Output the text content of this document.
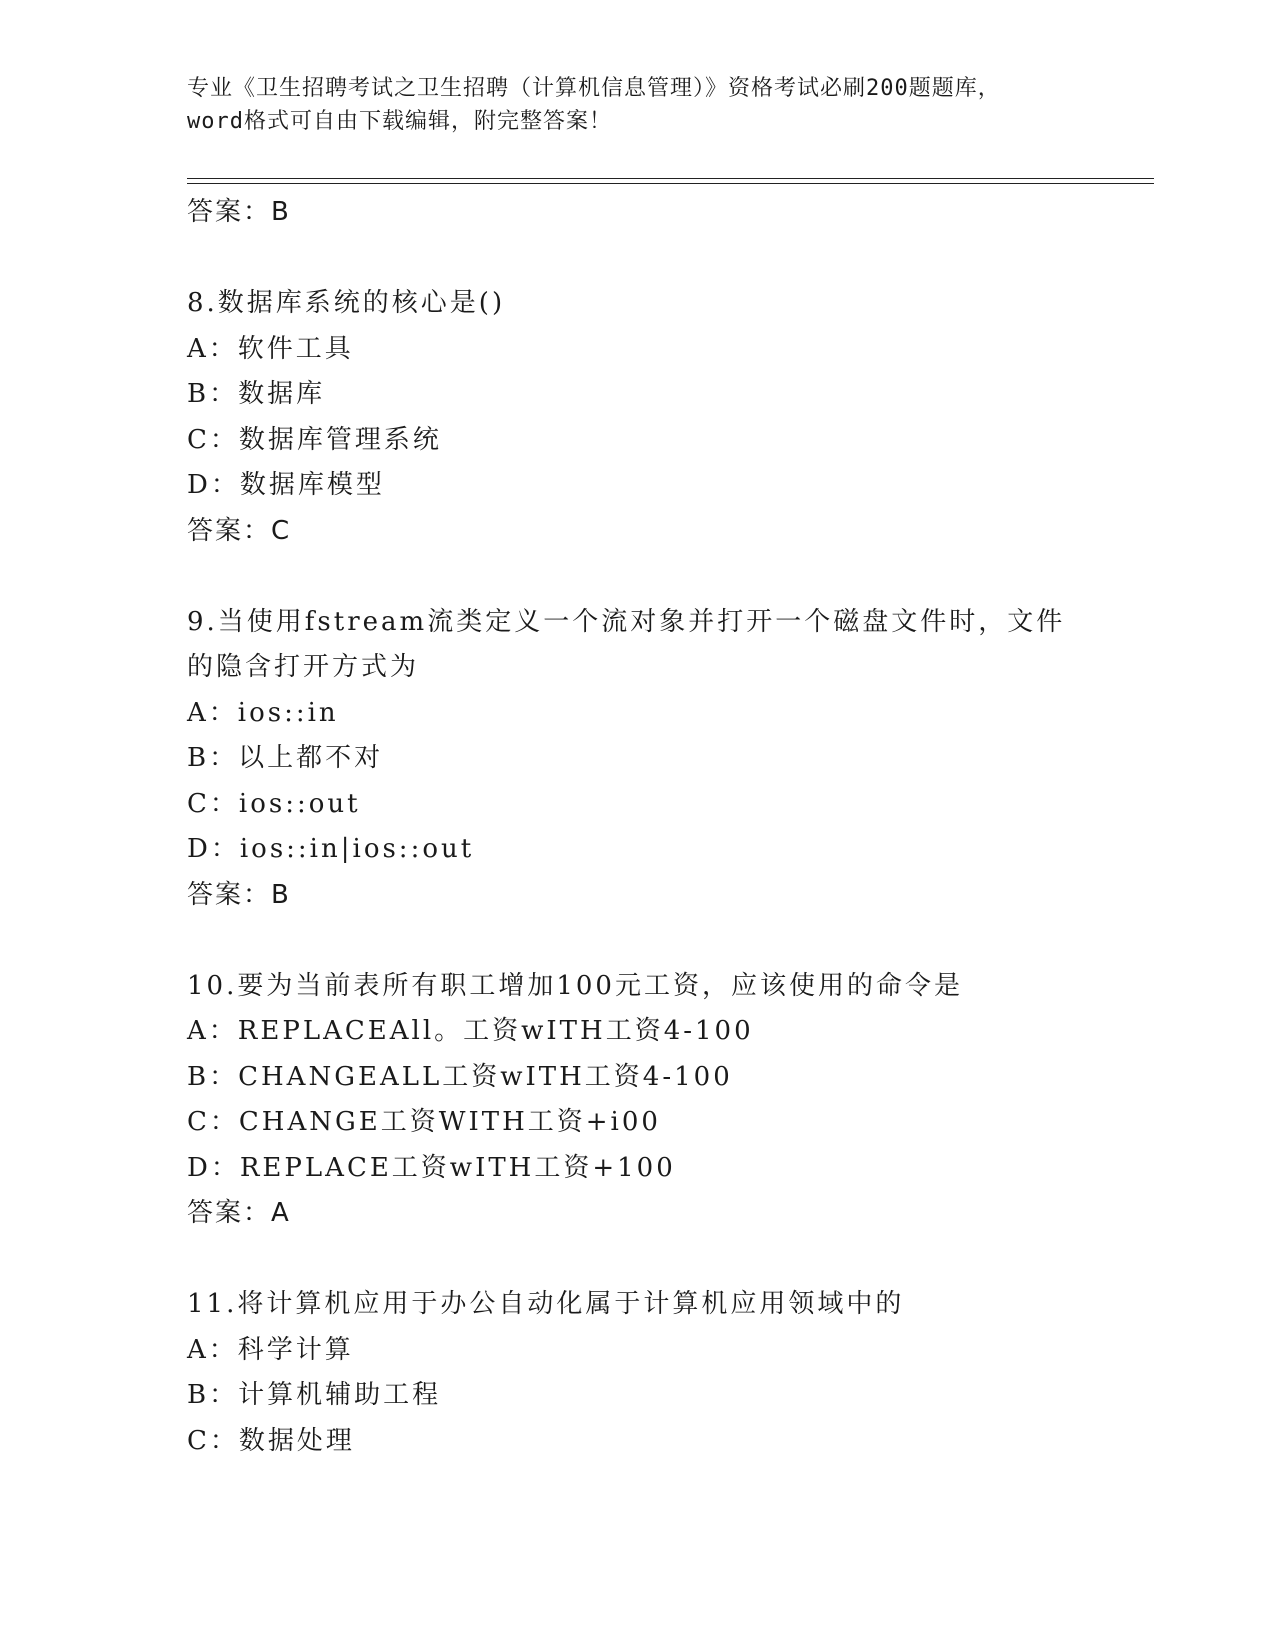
专业《卫生招聘考试之卫生招聘（计算机信息管理）》资格考试必刷200题题库，
word格式可自由下载编辑，附完整答案！
答案：B
8.数据库系统的核心是()
A：软件工具
B：数据库
C：数据库管理系统
D：数据库模型
答案：C
9.当使用fstream流类定义一个流对象并打开一个磁盘文件时，文件
的隐含打开方式为
A：ios::in
B：以上都不对
C：ios::out
D：ios::in|ios::out
答案：B
10.要为当前表所有职工增加100元工资，应该使用的命令是
A：REPLACEAll。工资wITH工资4-100
B：CHANGEALL工资wITH工资4-100
C：CHANGE工资WITH工资+i00
D：REPLACE工资wITH工资+100
答案：A
11.将计算机应用于办公自动化属于计算机应用领域中的
A：科学计算
B：计算机辅助工程
C：数据处理
